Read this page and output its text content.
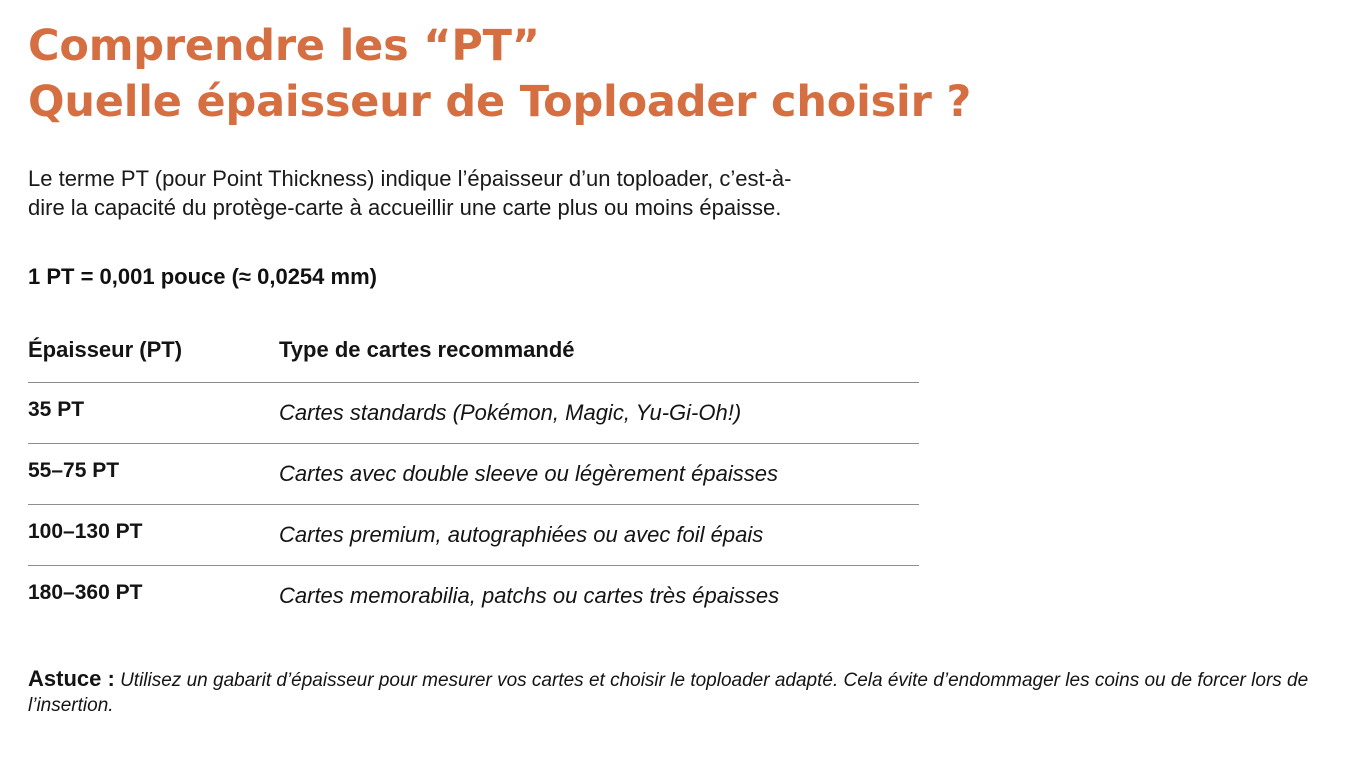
Comprendre les “PT”
Quelle épaisseur de Toploader choisir ?

Le terme PT (pour Point Thickness) indique l’épaisseur d’un toploader, c’est-à-dire la capacité du protège-carte à accueillir une carte plus ou moins épaisse.

1 PT = 0,001 pouce (≈ 0,0254 mm)

Épaisseur (PT)	Type de cartes recommandé
35 PT	Cartes standards (Pokémon, Magic, Yu-Gi-Oh!)
55–75 PT	Cartes avec double sleeve ou légèrement épaisses
100–130 PT	Cartes premium, autographiées ou avec foil épais
180–360 PT	Cartes memorabilia, patchs ou cartes très épaisses

Astuce : Utilisez un gabarit d’épaisseur pour mesurer vos cartes et choisir le toploader adapté. Cela évite d’endommager les coins ou de forcer lors de l’insertion.
